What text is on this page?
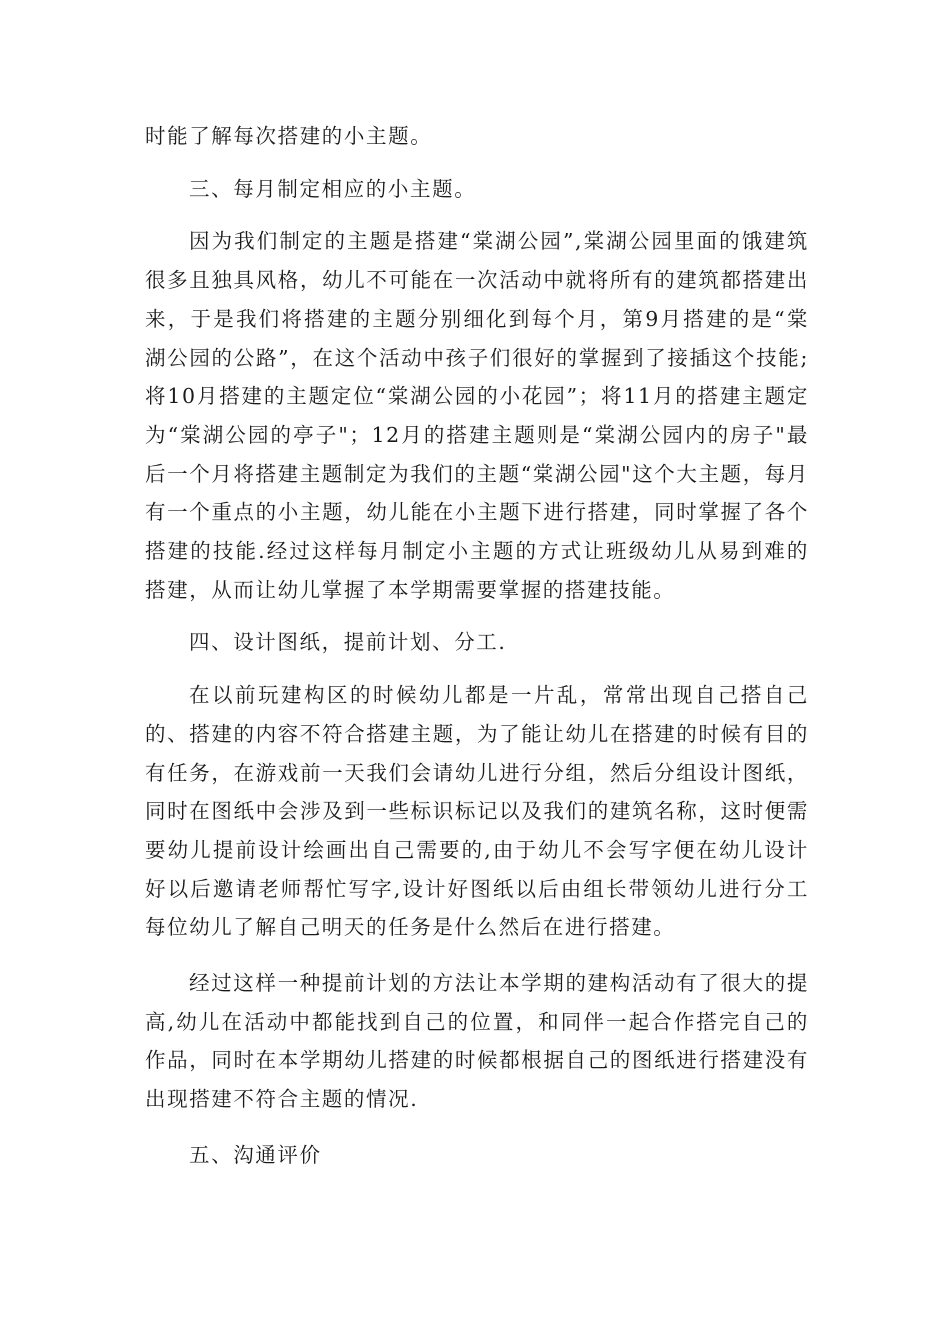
时能了解每次搭建的小主题。

三、每月制定相应的小主题。

因为我们制定的主题是搭建“棠湖公园”,棠湖公园里面的饿建筑很多且独具风格，幼儿不可能在一次活动中就将所有的建筑都搭建出来，于是我们将搭建的主题分别细化到每个月，第9月搭建的是“棠湖公园的公路”，在这个活动中孩子们很好的掌握到了接插这个技能;将10月搭建的主题定位“棠湖公园的小花园”；将11月的搭建主题定为“棠湖公园的亭子"；12月的搭建主题则是“棠湖公园内的房子"最后一个月将搭建主题制定为我们的主题“棠湖公园"这个大主题，每月有一个重点的小主题，幼儿能在小主题下进行搭建，同时掌握了各个搭建的技能.经过这样每月制定小主题的方式让班级幼儿从易到难的搭建，从而让幼儿掌握了本学期需要掌握的搭建技能。

四、设计图纸，提前计划、分工.

在以前玩建构区的时候幼儿都是一片乱，常常出现自己搭自己的、搭建的内容不符合搭建主题，为了能让幼儿在搭建的时候有目的有任务，在游戏前一天我们会请幼儿进行分组，然后分组设计图纸，同时在图纸中会涉及到一些标识标记以及我们的建筑名称，这时便需要幼儿提前设计绘画出自己需要的,由于幼儿不会写字便在幼儿设计好以后邀请老师帮忙写字,设计好图纸以后由组长带领幼儿进行分工每位幼儿了解自己明天的任务是什么然后在进行搭建。

经过这样一种提前计划的方法让本学期的建构活动有了很大的提高,幼儿在活动中都能找到自己的位置，和同伴一起合作搭完自己的作品，同时在本学期幼儿搭建的时候都根据自己的图纸进行搭建没有出现搭建不符合主题的情况.

五、沟通评价
